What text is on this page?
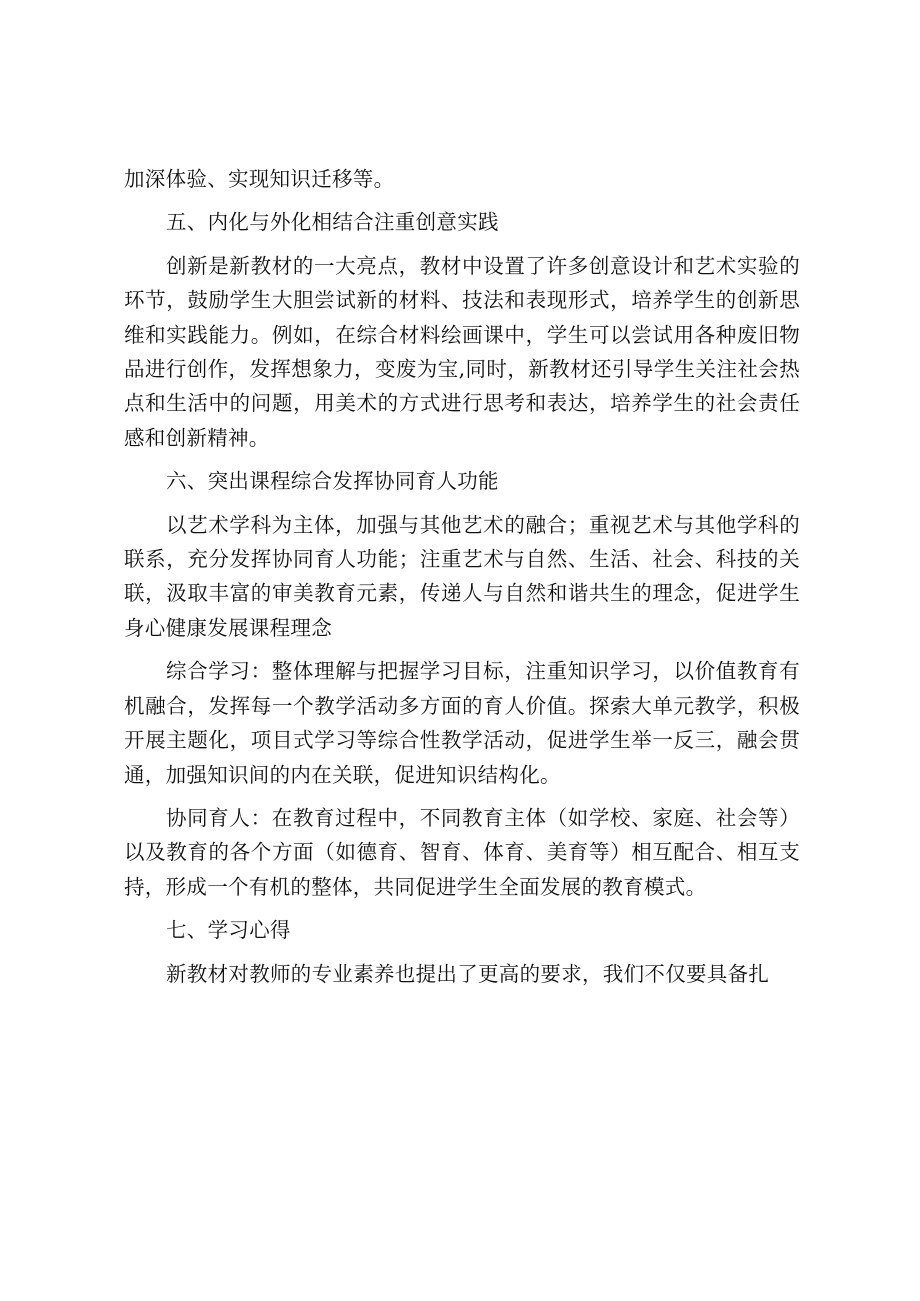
加深体验、实现知识迁移等。

五、内化与外化相结合注重创意实践

创新是新教材的一大亮点，教材中设置了许多创意设计和艺术实验的环节，鼓励学生大胆尝试新的材料、技法和表现形式，培养学生的创新思维和实践能力。例如，在综合材料绘画课中，学生可以尝试用各种废旧物品进行创作，发挥想象力，变废为宝,同时，新教材还引导学生关注社会热点和生活中的问题，用美术的方式进行思考和表达，培养学生的社会责任感和创新精神。

六、突出课程综合发挥协同育人功能

以艺术学科为主体，加强与其他艺术的融合；重视艺术与其他学科的联系，充分发挥协同育人功能；注重艺术与自然、生活、社会、科技的关联，汲取丰富的审美教育元素，传递人与自然和谐共生的理念，促进学生身心健康发展课程理念

综合学习：整体理解与把握学习目标，注重知识学习，以价值教育有机融合，发挥每一个教学活动多方面的育人价值。探索大单元教学，积极开展主题化，项目式学习等综合性教学活动，促进学生举一反三，融会贯通，加强知识间的内在关联，促进知识结构化。

协同育人：在教育过程中，不同教育主体（如学校、家庭、社会等）以及教育的各个方面（如德育、智育、体育、美育等）相互配合、相互支持，形成一个有机的整体，共同促进学生全面发展的教育模式。

七、学习心得

新教材对教师的专业素养也提出了更高的要求，我们不仅要具备扎
